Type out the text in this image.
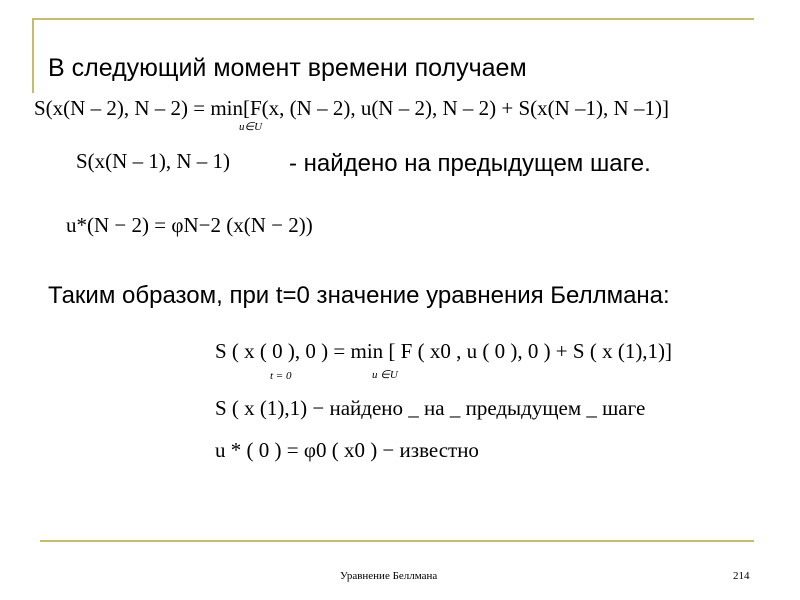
В следующий момент времени получаем
S(x(N – 2), N – 2) = min[F(x, (N – 2), u(N – 2), N – 2) + S(x(N –1), N –1)]
u∈U
S(x(N – 1), N – 1) - найдено на предыдущем шаге.
u*(N − 2) = φN−2 (x(N − 2))
Таким образом, при t=0 значение уравнения Беллмана:
S ( x ( 0 ), 0 ) = min [ F ( x0 , u ( 0 ), 0 ) + S ( x (1),1)]
t = 0	u ∈U
S ( x (1),1) − найдено _ на _ предыдущем _ шаге
u * ( 0 ) = φ0 ( x0 ) − известно
Уравнение Беллмана	214
